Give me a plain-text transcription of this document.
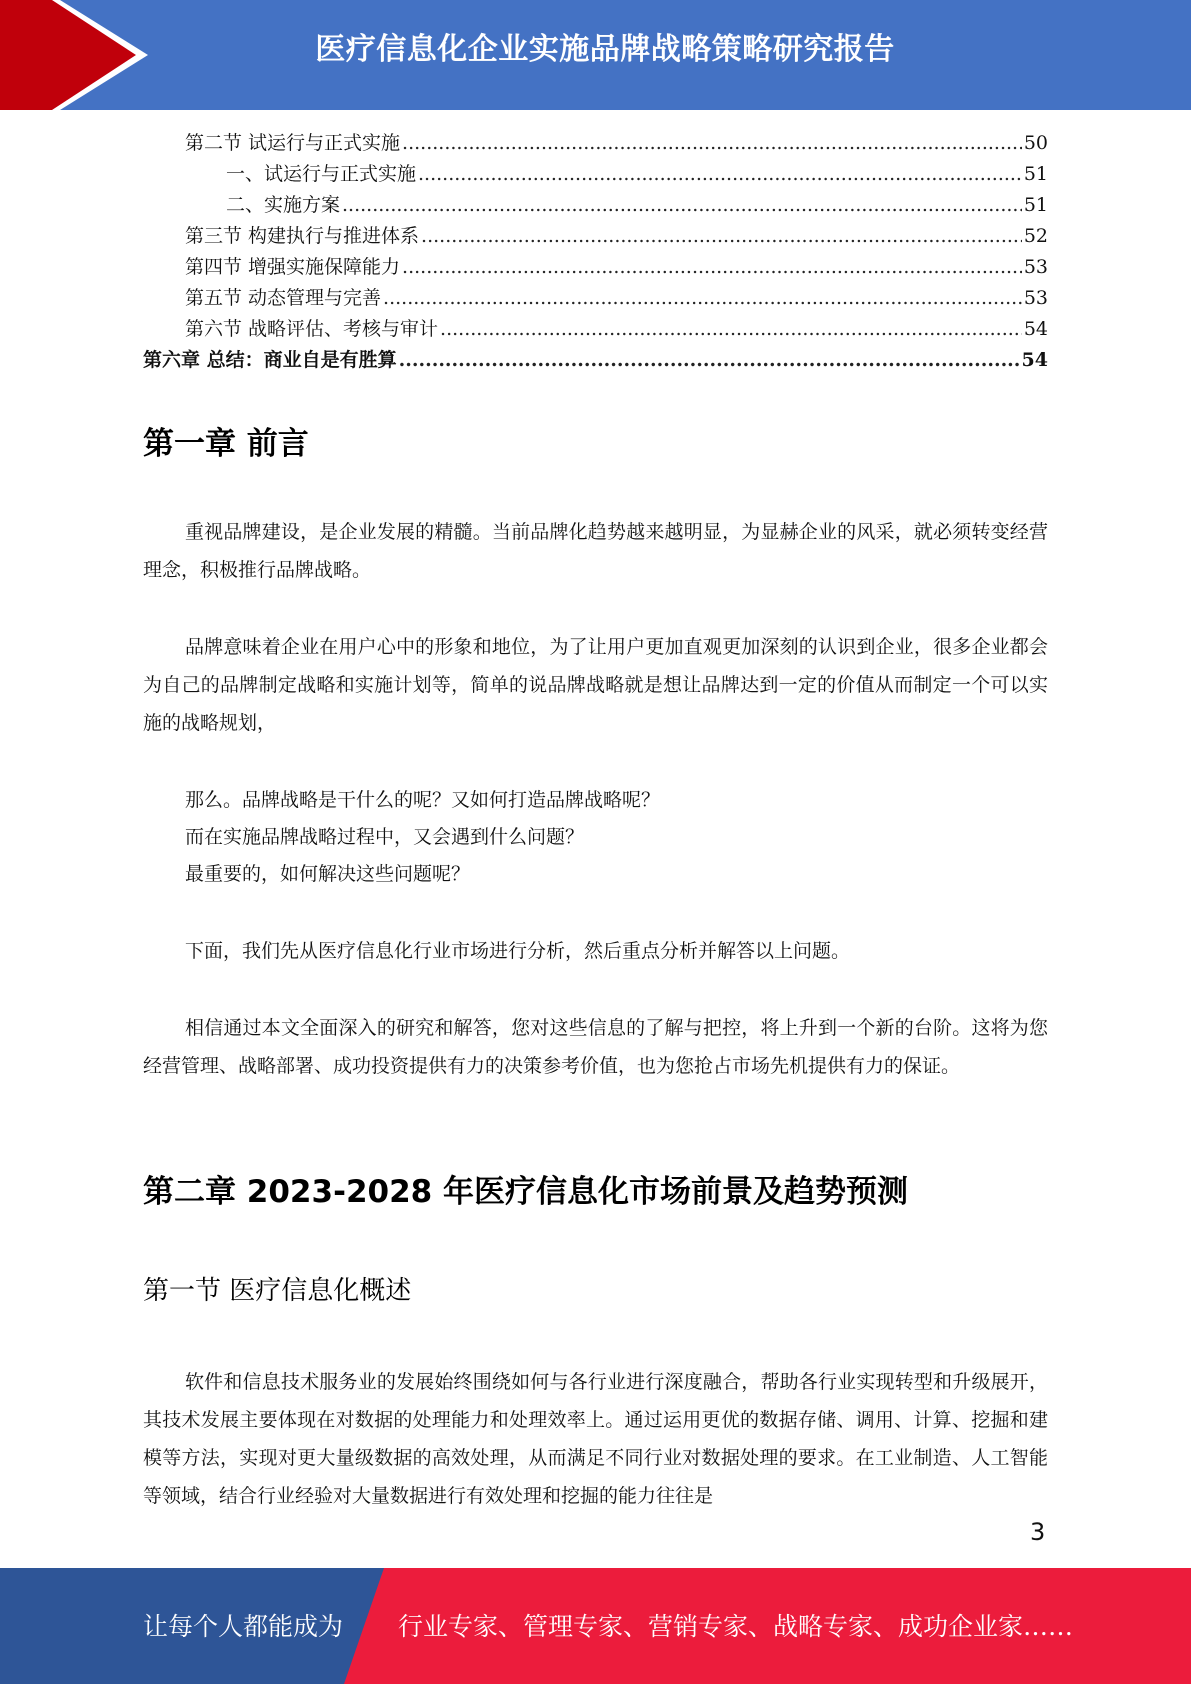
医疗信息化企业实施品牌战略策略研究报告
第二节 试运行与正式实施 .....	50
一、试运行与正式实施 .....	51
二、实施方案 .....	51
第三节 构建执行与推进体系 .....	52
第四节 增强实施保障能力 .....	53
第五节 动态管理与完善 .....	53
第六节 战略评估、考核与审计 .....	54
第六章 总结：商业自是有胜算 .....	54
第一章 前言

重视品牌建设，是企业发展的精髓。当前品牌化趋势越来越明显，为显赫企业的风采，就必须转变经营理念，积极推行品牌战略。

品牌意味着企业在用户心中的形象和地位，为了让用户更加直观更加深刻的认识到企业，很多企业都会为自己的品牌制定战略和实施计划等，简单的说品牌战略就是想让品牌达到一定的价值从而制定一个可以实施的战略规划，

那么。品牌战略是干什么的呢？又如何打造品牌战略呢？
而在实施品牌战略过程中，又会遇到什么问题？
最重要的，如何解决这些问题呢？

下面，我们先从医疗信息化行业市场进行分析，然后重点分析并解答以上问题。

相信通过本文全面深入的研究和解答，您对这些信息的了解与把控，将上升到一个新的台阶。这将为您经营管理、战略部署、成功投资提供有力的决策参考价值，也为您抢占市场先机提供有力的保证。

第二章 2023-2028 年医疗信息化市场前景及趋势预测
第一节 医疗信息化概述

软件和信息技术服务业的发展始终围绕如何与各行业进行深度融合，帮助各行业实现转型和升级展开，其技术发展主要体现在对数据的处理能力和处理效率上。通过运用更优的数据存储、调用、计算、挖掘和建模等方法，实现对更大量级数据的高效处理，从而满足不同行业对数据处理的要求。在工业制造、人工智能等领域，结合行业经验对大量数据进行有效处理和挖掘的能力往往是

3
让每个人都能成为 行业专家、管理专家、营销专家、战略专家、成功企业家……
